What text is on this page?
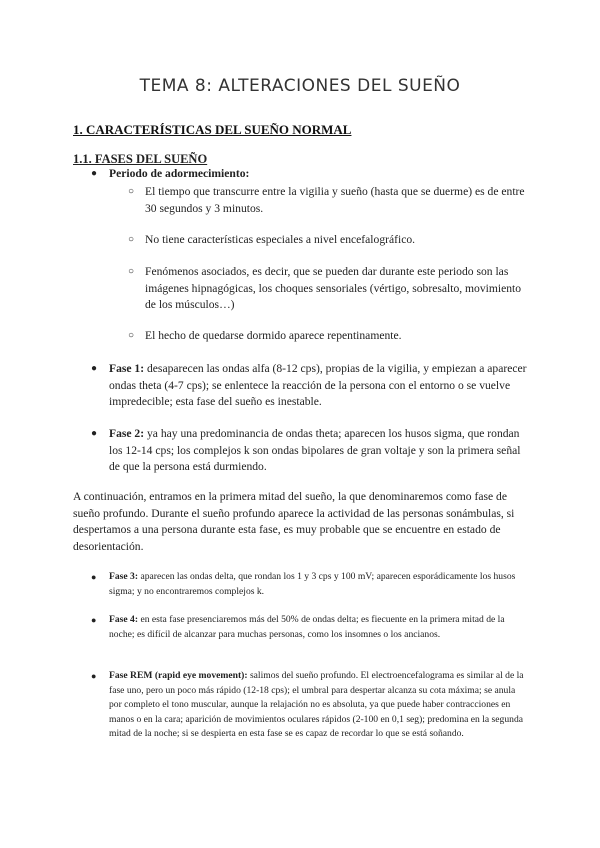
TEMA 8: ALTERACIONES DEL SUEÑO
1. CARACTERÍSTICAS DEL SUEÑO NORMAL
1.1. FASES DEL SUEÑO
● Periodo de adormecimiento:
○ El tiempo que transcurre entre la vigilia y sueño (hasta que se duerme) es de entre 30 segundos y 3 minutos.
○ No tiene características especiales a nivel encefalográfico.
○ Fenómenos asociados, es decir, que se pueden dar durante este periodo son las imágenes hipnagógicas, los choques sensoriales (vértigo, sobresalto, movimiento de los músculos…)
○ El hecho de quedarse dormido aparece repentinamente.
● Fase 1: desaparecen las ondas alfa (8-12 cps), propias de la vigilia, y empiezan a aparecer ondas theta (4-7 cps); se enlentece la reacción de la persona con el entorno o se vuelve impredecible; esta fase del sueño es inestable.
● Fase 2: ya hay una predominancia de ondas theta; aparecen los husos sigma, que rondan los 12-14 cps; los complejos k son ondas bipolares de gran voltaje y son la primera señal de que la persona está durmiendo.

A continuación, entramos en la primera mitad del sueño, la que denominaremos como fase de sueño profundo. Durante el sueño profundo aparece la actividad de las personas sonámbulas, si despertamos a una persona durante esta fase, es muy probable que se encuentre en estado de desorientación.

● Fase 3: aparecen las ondas delta, que rondan los 1 y 3 cps y 100 mV; aparecen esporádicamente los husos sigma; y no encontraremos complejos k.
● Fase 4: en esta fase presenciaremos más del 50% de ondas delta; es fiecuente en la primera mitad de la noche; es difícil de alcanzar para muchas personas, como los insomnes o los ancianos.
● Fase REM (rapid eye movement): salimos del sueño profundo. El electroencefalograma es similar al de la fase uno, pero un poco más rápido (12-18 cps); el umbral para despertar alcanza su cota máxima; se anula por completo el tono muscular, aunque la relajación no es absoluta, ya que puede haber contracciones en manos o en la cara; aparición de movimientos oculares rápidos (2-100 en 0,1 seg); predomina en la segunda mitad de la noche; si se despierta en esta fase se es capaz de recordar lo que se está soñando.
